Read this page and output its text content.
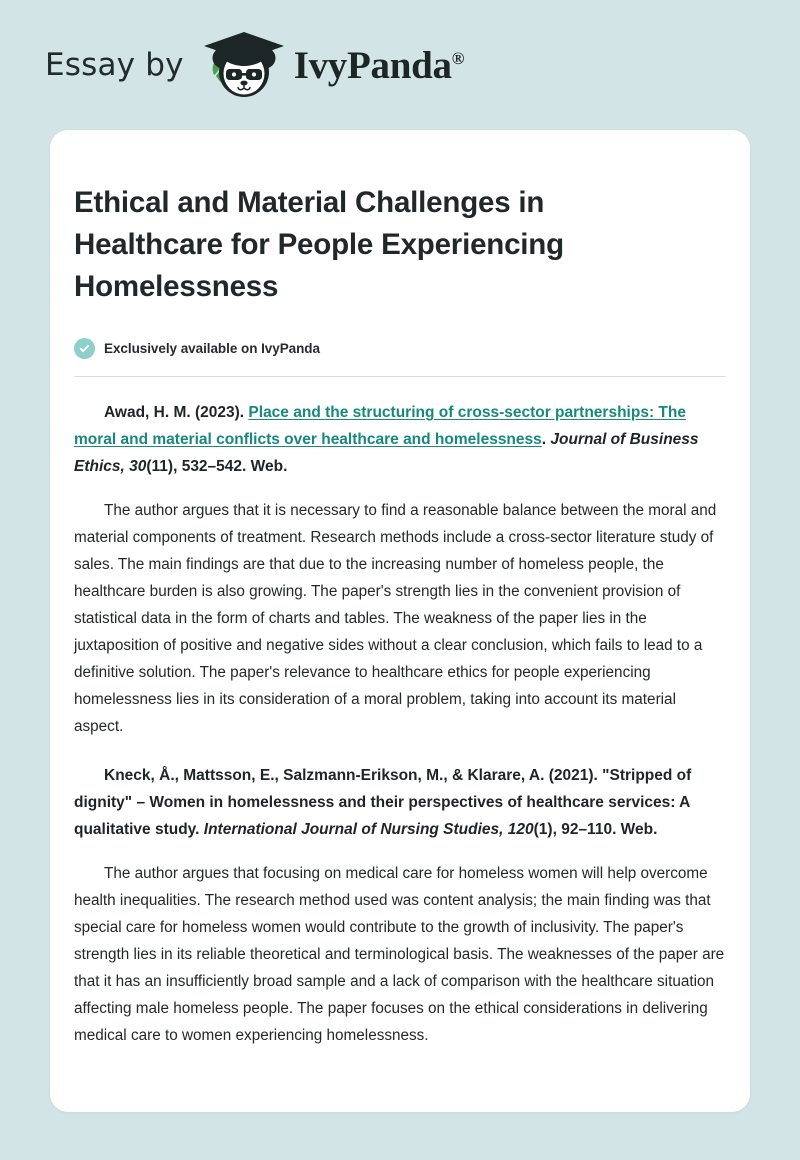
Essay by	IvyPanda®
Ethical and Material Challenges in Healthcare for People Experiencing Homelessness
Exclusively available on IvyPanda

Awad, H. M. (2023). Place and the structuring of cross-sector partnerships: The moral and material conflicts over healthcare and homelessness. Journal of Business Ethics, 30(11), 532–542. Web.

The author argues that it is necessary to find a reasonable balance between the moral and material components of treatment. Research methods include a cross-sector literature study of sales. The main findings are that due to the increasing number of homeless people, the healthcare burden is also growing. The paper's strength lies in the convenient provision of statistical data in the form of charts and tables. The weakness of the paper lies in the juxtaposition of positive and negative sides without a clear conclusion, which fails to lead to a definitive solution. The paper's relevance to healthcare ethics for people experiencing homelessness lies in its consideration of a moral problem, taking into account its material aspect.

Kneck, Å., Mattsson, E., Salzmann-Erikson, M., & Klarare, A. (2021). "Stripped of dignity" – Women in homelessness and their perspectives of healthcare services: A qualitative study. International Journal of Nursing Studies, 120(1), 92–110. Web.

The author argues that focusing on medical care for homeless women will help overcome health inequalities. The research method used was content analysis; the main finding was that special care for homeless women would contribute to the growth of inclusivity. The paper's strength lies in its reliable theoretical and terminological basis. The weaknesses of the paper are that it has an insufficiently broad sample and a lack of comparison with the healthcare situation affecting male homeless people. The paper focuses on the ethical considerations in delivering medical care to women experiencing homelessness.
